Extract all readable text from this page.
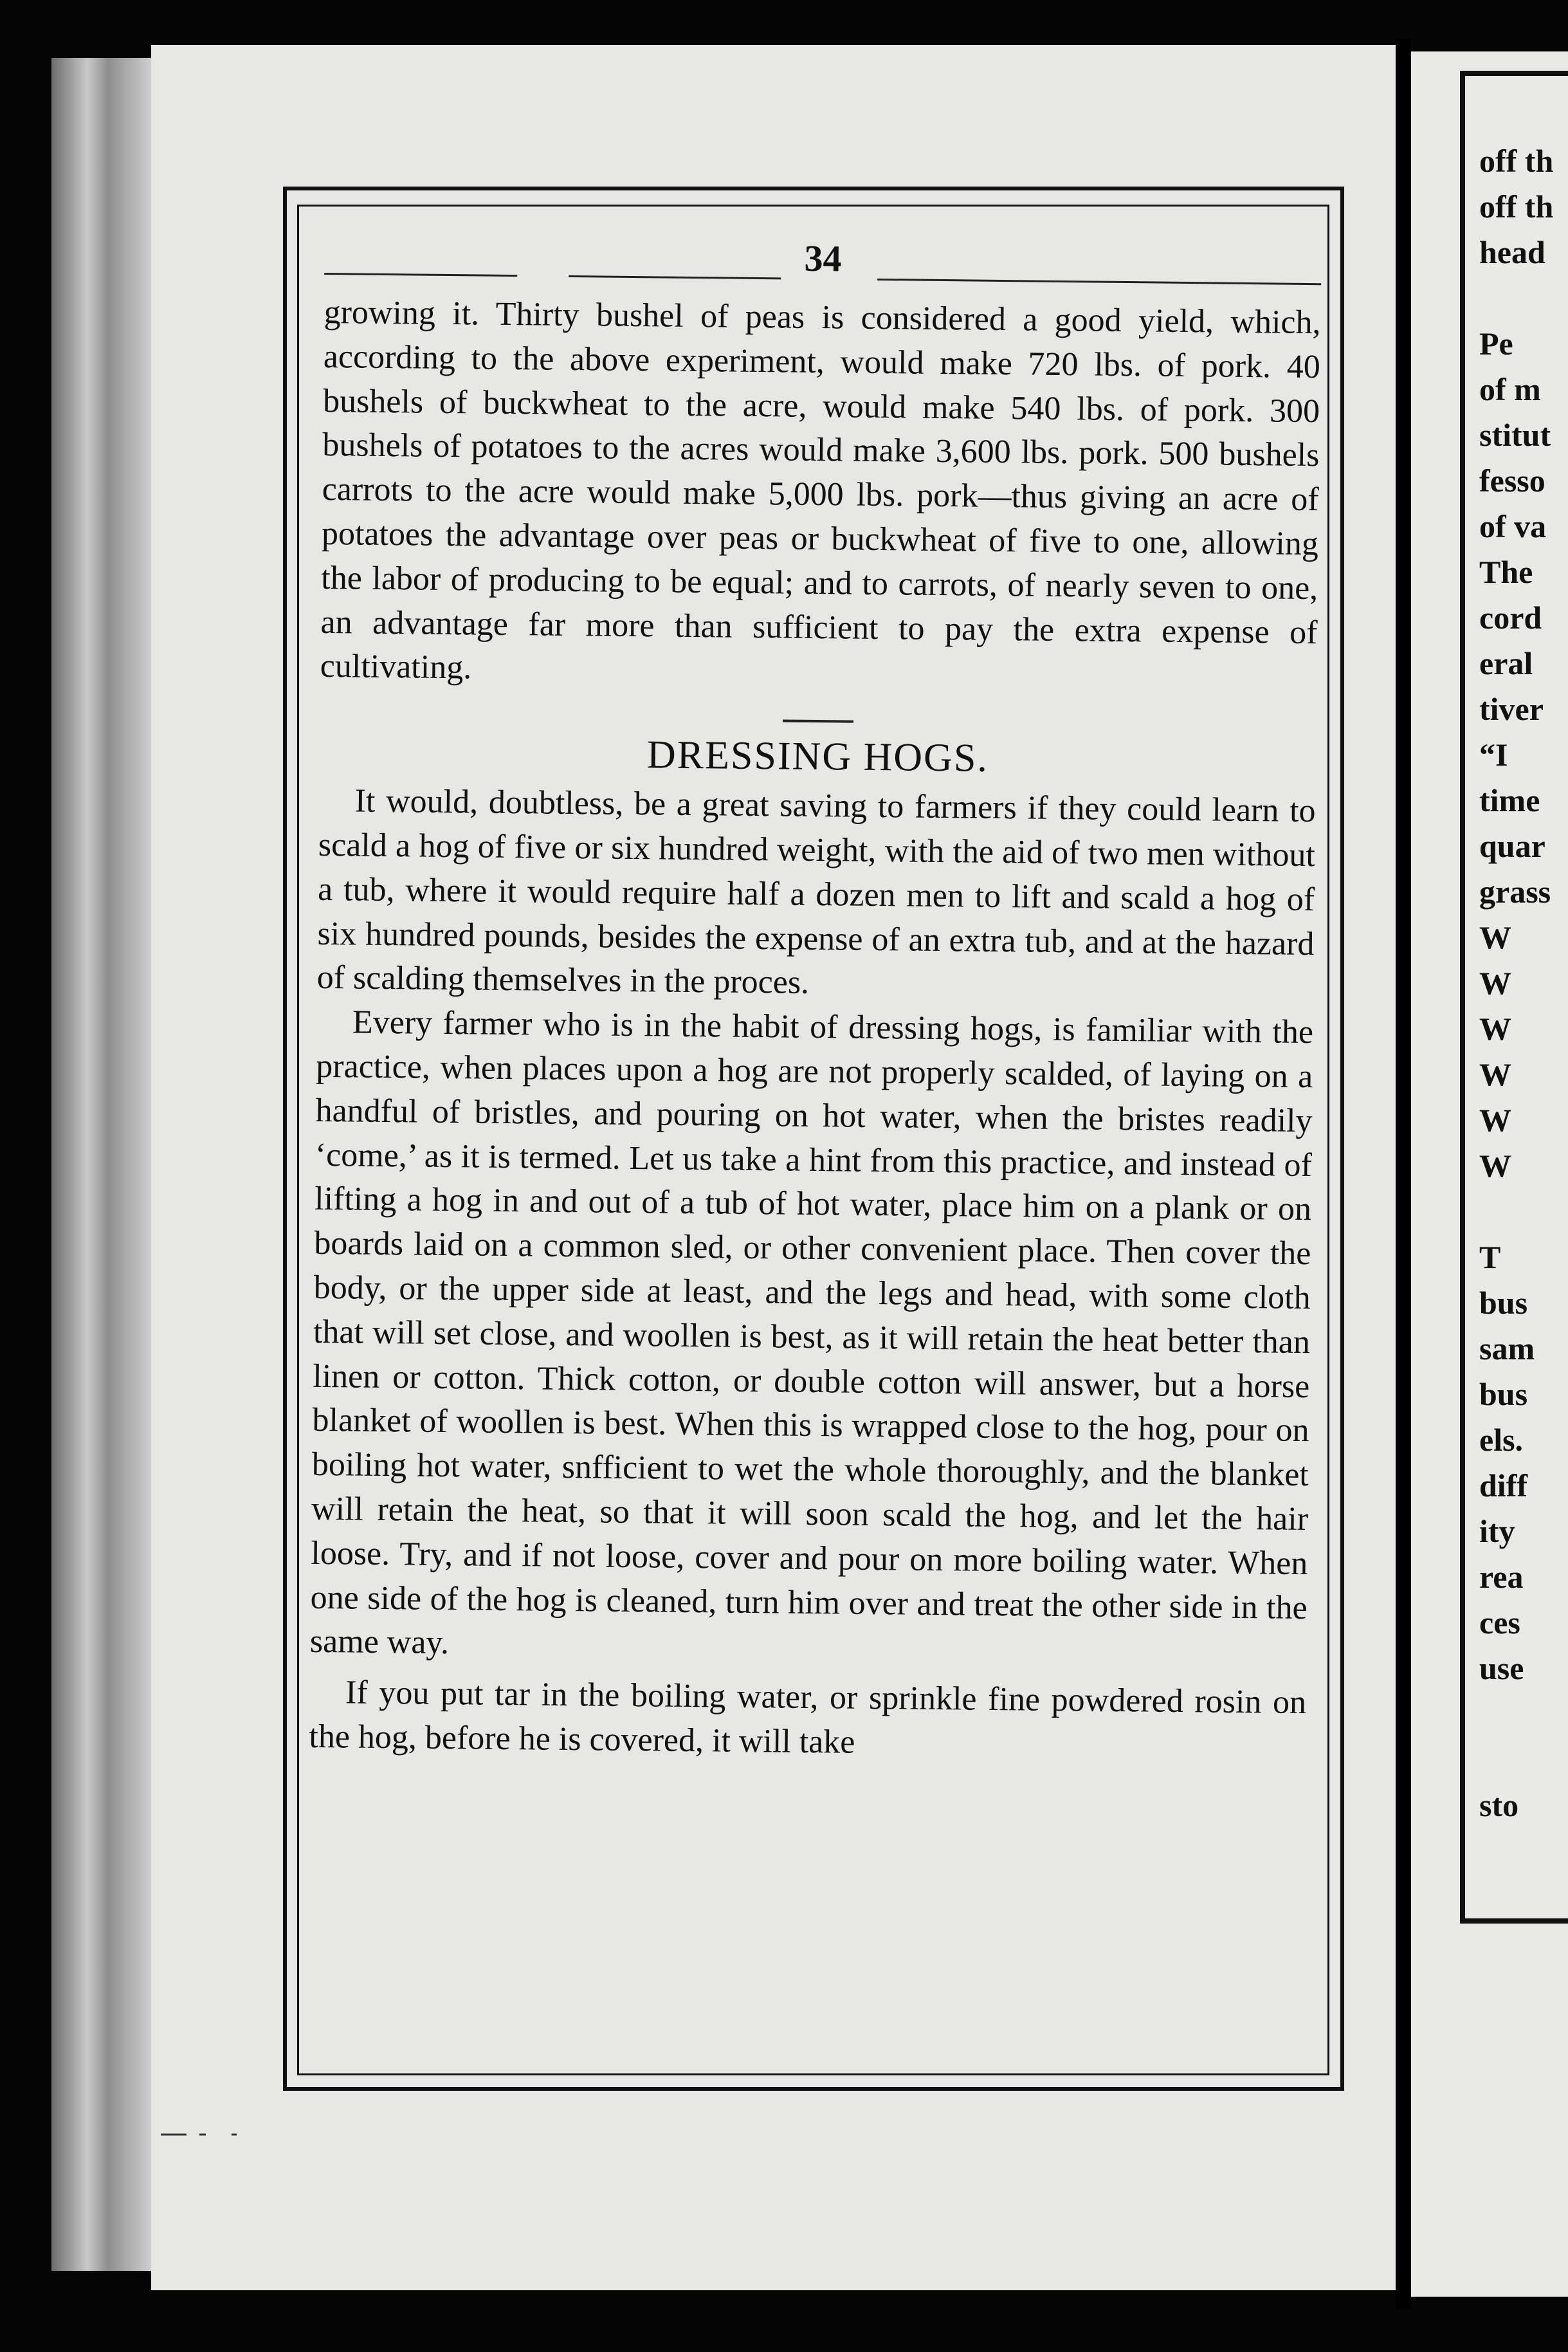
off th
off th
head
Pe
of m
stitut
fesso
of va
The
cord
eral
tiver
“I
time
quar
grass
W
W
W
W
W
W
T
bus
sam
bus
els.
diff
ity
rea
ces
use
sto
34

growing it. Thirty bushel of peas is considered a good yield, which, according to the above experiment, would make 720 lbs. of pork. 40 bushels of buckwheat to the acre, would make 540 lbs. of pork. 300 bushels of potatoes to the acres would make 3,600 lbs. pork. 500 bushels carrots to the acre would make 5,000 lbs. pork—thus giving an acre of potatoes the advantage over peas or buckwheat of five to one, allowing the labor of producing to be equal; and to carrots, of nearly seven to one, an advantage far more than sufficient to pay the extra expense of cultivating.

DRESSING HOGS.

It would, doubtless, be a great saving to farmers if they could learn to scald a hog of five or six hundred weight, with the aid of two men without a tub, where it would require half a dozen men to lift and scald a hog of six hundred pounds, besides the expense of an extra tub, and at the hazard of scalding themselves in the proces.

Every farmer who is in the habit of dressing hogs, is familiar with the practice, when places upon a hog are not properly scalded, of laying on a handful of bristles, and pouring on hot water, when the bristes readily ‘come,’ as it is termed. Let us take a hint from this practice, and instead of lifting a hog in and out of a tub of hot water, place him on a plank or on boards laid on a common sled, or other convenient place. Then cover the body, or the upper side at least, and the legs and head, with some cloth that will set close, and woollen is best, as it will retain the heat better than linen or cotton. Thick cotton, or double cotton will answer, but a horse blanket of woollen is best. When this is wrapped close to the hog, pour on boiling hot water, snfficient to wet the whole thoroughly, and the blanket will retain the heat, so that it will soon scald the hog, and let the hair loose. Try, and if not loose, cover and pour on more boiling water. When one side of the hog is cleaned, turn him over and treat the other side in the same way.

If you put tar in the boiling water, or sprinkle fine powdered rosin on the hog, before he is covered, it will take
